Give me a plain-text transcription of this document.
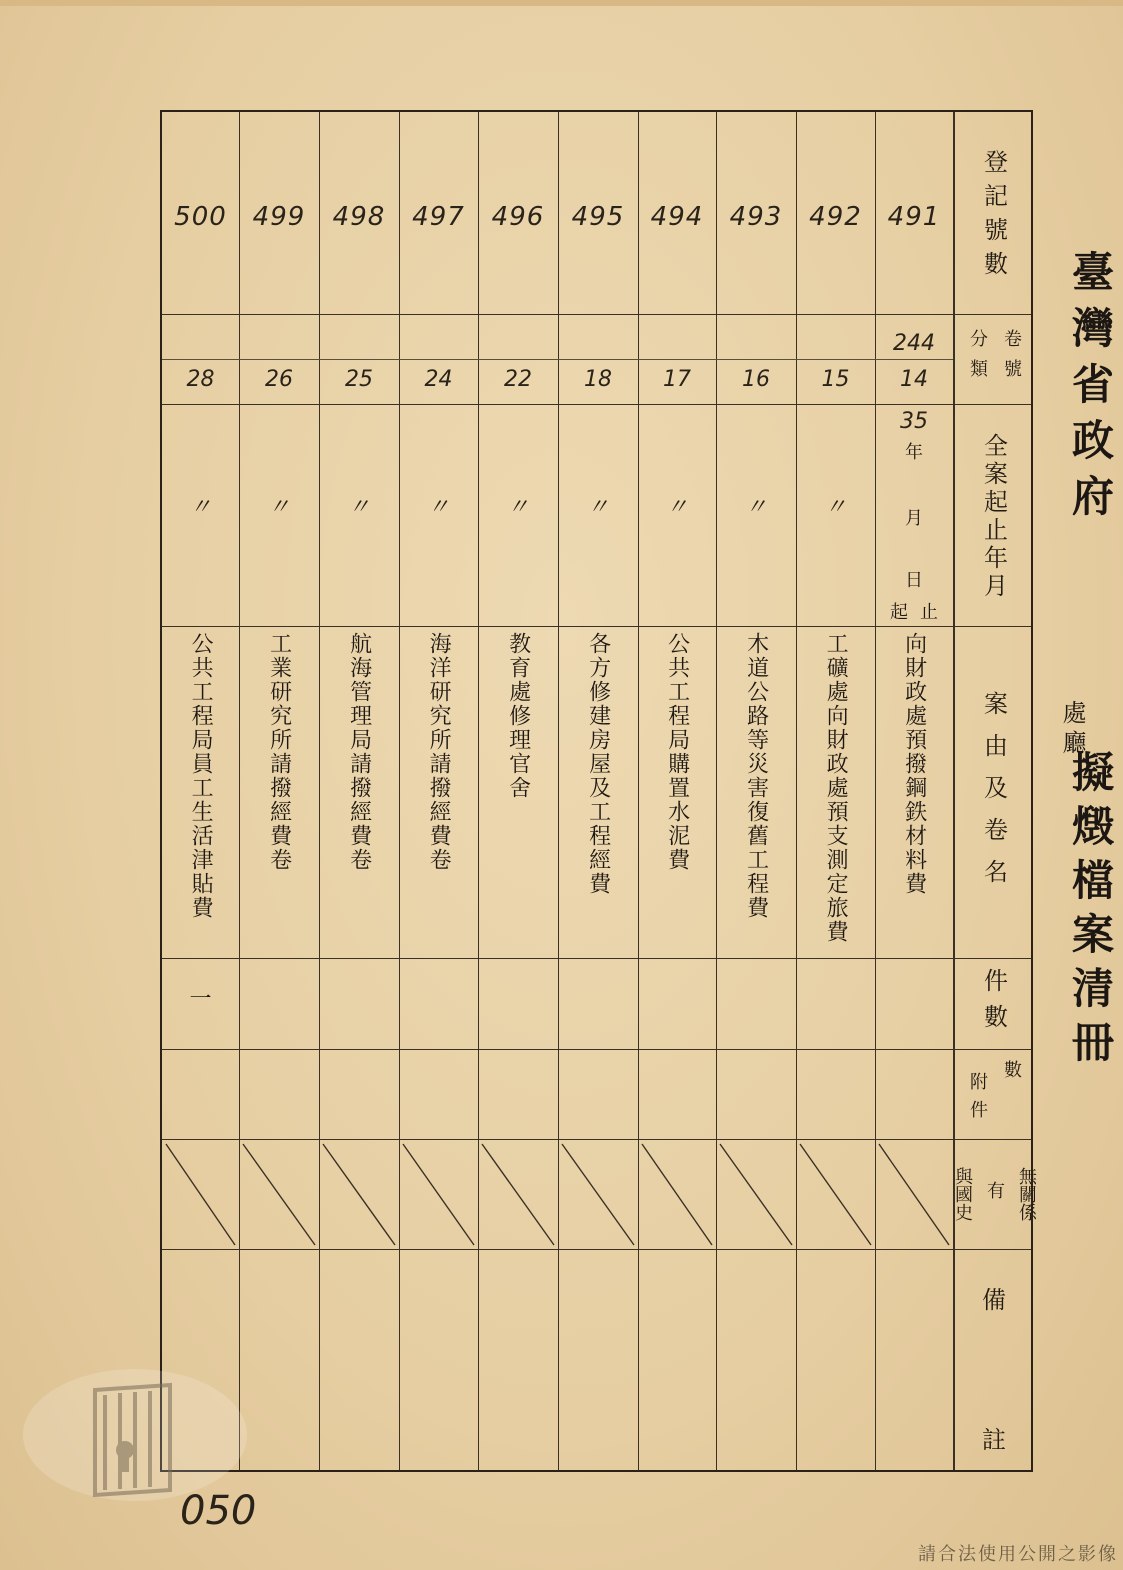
臺灣省政府
處廳
擬燬檔案清冊
登記號數
卷號
分類
全案起止年月
案由及卷名
件數
數
附件
無關係
有
與國史
備
註
491
244
14
向財政處預撥鋼鉄材料費
492
15
〃
工礦處向財政處預支測定旅費
493
16
〃
木道公路等災害復舊工程費
494
17
〃
公共工程局購置水泥費
495
18
〃
各方修建房屋及工程經費
496
22
〃
教育處修理官舍
497
24
〃
海洋研究所請撥經費卷
498
25
〃
航海管理局請撥經費卷
499
26
〃
工業研究所請撥經費卷
500
28
〃
公共工程局員工生活津貼費
35
年
月
日
起 止
一
050
請合法使用公開之影像
